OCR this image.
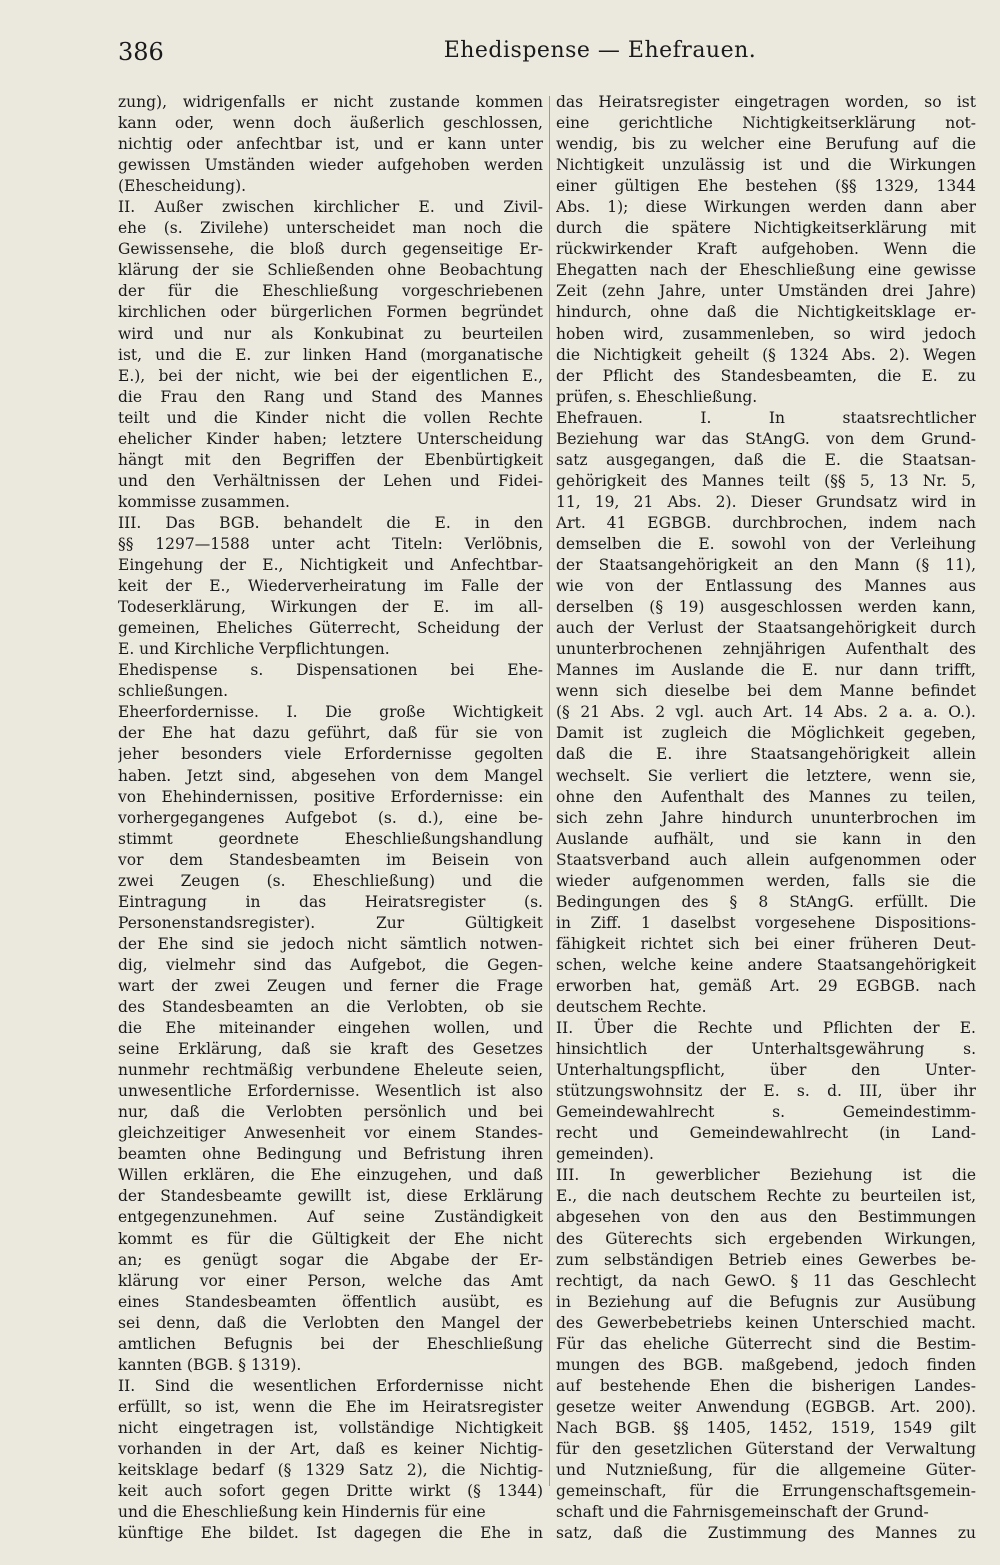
386	Ehedispense — Ehefrauen.
zung), widrigenfalls er nicht zustande kommen
kann oder, wenn doch äußerlich geschlossen,
nichtig oder anfechtbar ist, und er kann unter
gewissen Umständen wieder aufgehoben werden
(Ehescheidung).
II. Außer zwischen kirchlicher E. und Zivil-
ehe (s. Zivilehe) unterscheidet man noch die
Gewissensehe, die bloß durch gegenseitige Er-
klärung der sie Schließenden ohne Beobachtung
der für die Eheschließung vorgeschriebenen
kirchlichen oder bürgerlichen Formen begründet
wird und nur als Konkubinat zu beurteilen
ist, und die E. zur linken Hand (morganatische
E.), bei der nicht, wie bei der eigentlichen E.,
die Frau den Rang und Stand des Mannes
teilt und die Kinder nicht die vollen Rechte
ehelicher Kinder haben; letztere Unterscheidung
hängt mit den Begriffen der Ebenbürtigkeit
und den Verhältnissen der Lehen und Fidei-
kommisse zusammen.
III. Das BGB. behandelt die E. in den
§§ 1297—1588 unter acht Titeln: Verlöbnis,
Eingehung der E., Nichtigkeit und Anfechtbar-
keit der E., Wiederverheiratung im Falle der
Todeserklärung, Wirkungen der E. im all-
gemeinen, Eheliches Güterrecht, Scheidung der
E. und Kirchliche Verpflichtungen.
Ehedispense s. Dispensationen bei Ehe-
schließungen.
Eheerfordernisse. I. Die große Wichtigkeit
der Ehe hat dazu geführt, daß für sie von
jeher besonders viele Erfordernisse gegolten
haben. Jetzt sind, abgesehen von dem Mangel
von Ehehindernissen, positive Erfordernisse: ein
vorhergegangenes Aufgebot (s. d.), eine be-
stimmt geordnete Eheschließungshandlung
vor dem Standesbeamten im Beisein von
zwei Zeugen (s. Eheschließung) und die
Eintragung in das Heiratsregister (s.
Personenstandsregister). Zur Gültigkeit
der Ehe sind sie jedoch nicht sämtlich notwen-
dig, vielmehr sind das Aufgebot, die Gegen-
wart der zwei Zeugen und ferner die Frage
des Standesbeamten an die Verlobten, ob sie
die Ehe miteinander eingehen wollen, und
seine Erklärung, daß sie kraft des Gesetzes
nunmehr rechtmäßig verbundene Eheleute seien,
unwesentliche Erfordernisse. Wesentlich ist also
nur, daß die Verlobten persönlich und bei
gleichzeitiger Anwesenheit vor einem Standes-
beamten ohne Bedingung und Befristung ihren
Willen erklären, die Ehe einzugehen, und daß
der Standesbeamte gewillt ist, diese Erklärung
entgegenzunehmen. Auf seine Zuständigkeit
kommt es für die Gültigkeit der Ehe nicht
an; es genügt sogar die Abgabe der Er-
klärung vor einer Person, welche das Amt
eines Standesbeamten öffentlich ausübt, es
sei denn, daß die Verlobten den Mangel der
amtlichen Befugnis bei der Eheschließung
kannten (BGB. § 1319).
II. Sind die wesentlichen Erfordernisse nicht
erfüllt, so ist, wenn die Ehe im Heiratsregister
nicht eingetragen ist, vollständige Nichtigkeit
vorhanden in der Art, daß es keiner Nichtig-
keitsklage bedarf (§ 1329 Satz 2), die Nichtig-
keit auch sofort gegen Dritte wirkt (§ 1344)
und die Eheschließung kein Hindernis für eine
künftige Ehe bildet. Ist dagegen die Ehe in
das Heiratsregister eingetragen worden, so ist
eine gerichtliche Nichtigkeitserklärung not-
wendig, bis zu welcher eine Berufung auf die
Nichtigkeit unzulässig ist und die Wirkungen
einer gültigen Ehe bestehen (§§ 1329, 1344
Abs. 1); diese Wirkungen werden dann aber
durch die spätere Nichtigkeitserklärung mit
rückwirkender Kraft aufgehoben. Wenn die
Ehegatten nach der Eheschließung eine gewisse
Zeit (zehn Jahre, unter Umständen drei Jahre)
hindurch, ohne daß die Nichtigkeitsklage er-
hoben wird, zusammenleben, so wird jedoch
die Nichtigkeit geheilt (§ 1324 Abs. 2). Wegen
der Pflicht des Standesbeamten, die E. zu
prüfen, s. Eheschließung.
Ehefrauen. I. In staatsrechtlicher
Beziehung war das StAngG. von dem Grund-
satz ausgegangen, daß die E. die Staatsan-
gehörigkeit des Mannes teilt (§§ 5, 13 Nr. 5,
11, 19, 21 Abs. 2). Dieser Grundsatz wird in
Art. 41 EGBGB. durchbrochen, indem nach
demselben die E. sowohl von der Verleihung
der Staatsangehörigkeit an den Mann (§ 11),
wie von der Entlassung des Mannes aus
derselben (§ 19) ausgeschlossen werden kann,
auch der Verlust der Staatsangehörigkeit durch
ununterbrochenen zehnjährigen Aufenthalt des
Mannes im Auslande die E. nur dann trifft,
wenn sich dieselbe bei dem Manne befindet
(§ 21 Abs. 2 vgl. auch Art. 14 Abs. 2 a. a. O.).
Damit ist zugleich die Möglichkeit gegeben,
daß die E. ihre Staatsangehörigkeit allein
wechselt. Sie verliert die letztere, wenn sie,
ohne den Aufenthalt des Mannes zu teilen,
sich zehn Jahre hindurch ununterbrochen im
Auslande aufhält, und sie kann in den
Staatsverband auch allein aufgenommen oder
wieder aufgenommen werden, falls sie die
Bedingungen des § 8 StAngG. erfüllt. Die
in Ziff. 1 daselbst vorgesehene Dispositions-
fähigkeit richtet sich bei einer früheren Deut-
schen, welche keine andere Staatsangehörigkeit
erworben hat, gemäß Art. 29 EGBGB. nach
deutschem Rechte.
II. Über die Rechte und Pflichten der E.
hinsichtlich der Unterhaltsgewährung s.
Unterhaltungspflicht, über den Unter-
stützungswohnsitz der E. s. d. III, über ihr
Gemeindewahlrecht s. Gemeindestimm-
recht und Gemeindewahlrecht (in Land-
gemeinden).
III. In gewerblicher Beziehung ist die
E., die nach deutschem Rechte zu beurteilen ist,
abgesehen von den aus den Bestimmungen
des Güterechts sich ergebenden Wirkungen,
zum selbständigen Betrieb eines Gewerbes be-
rechtigt, da nach GewO. § 11 das Geschlecht
in Beziehung auf die Befugnis zur Ausübung
des Gewerbebetriebs keinen Unterschied macht.
Für das eheliche Güterrecht sind die Bestim-
mungen des BGB. maßgebend, jedoch finden
auf bestehende Ehen die bisherigen Landes-
gesetze weiter Anwendung (EGBGB. Art. 200).
Nach BGB. §§ 1405, 1452, 1519, 1549 gilt
für den gesetzlichen Güterstand der Verwaltung
und Nutznießung, für die allgemeine Güter-
gemeinschaft, für die Errungenschaftsgemein-
schaft und die Fahrnisgemeinschaft der Grund-
satz, daß die Zustimmung des Mannes zu
